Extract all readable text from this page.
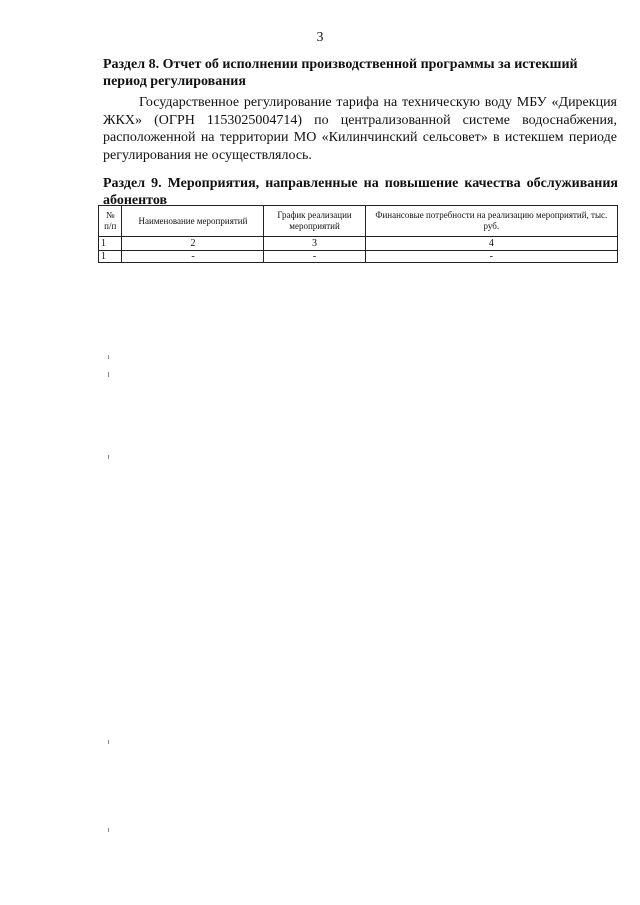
3
Раздел 8. Отчет об исполнении производственной программы за истекший период регулирования
Государственное регулирование тарифа на техническую воду МБУ «Дирекция ЖКХ» (ОГРН 1153025004714) по централизованной системе водоснабжения, расположенной на территории МО «Килинчинский сельсовет» в истекшем периоде регулирования не осуществлялось.
Раздел 9. Мероприятия, направленные на повышение качества обслуживания абонентов
№ п/п	Наименование мероприятий	График реализации мероприятий	Финансовые потребности на реализацию мероприятий, тыс. руб.
1	2	3	4
1	-	-	-
